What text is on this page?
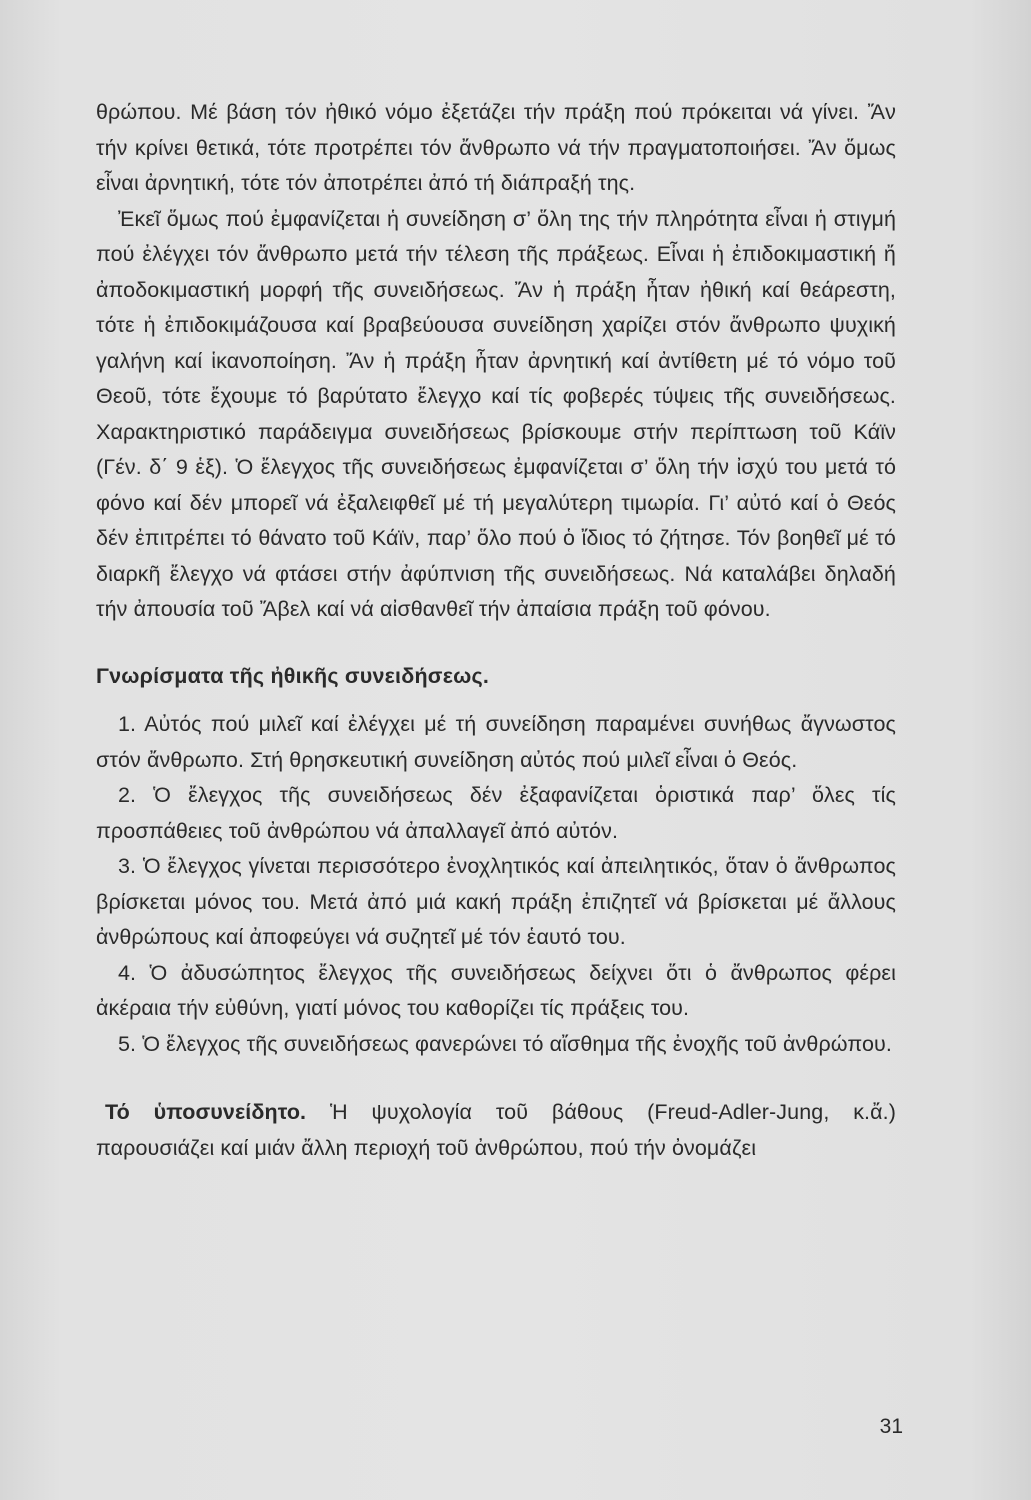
θρώπου. Μέ βάση τόν ἠθικό νόμο ἐξετάζει τήν πράξη πού πρόκειται νά γίνει. Ἄν τήν κρίνει θετικά, τότε προτρέπει τόν ἄνθρωπο νά τήν πραγματοποιήσει. Ἄν ὅμως εἶναι ἀρνητική, τότε τόν ἀποτρέπει ἀπό τή διάπραξή της.

Ἐκεῖ ὅμως πού ἐμφανίζεται ἡ συνείδηση σ’ ὅλη της τήν πληρότητα εἶναι ἡ στιγμή πού ἐλέγχει τόν ἄνθρωπο μετά τήν τέλεση τῆς πράξεως. Εἶναι ἡ ἐπιδοκιμαστική ἤ ἀποδοκιμαστική μορφή τῆς συνειδήσεως. Ἄν ἡ πράξη ἦταν ἠθική καί θεάρεστη, τότε ἡ ἐπιδοκιμάζουσα καί βραβεύουσα συνείδηση χαρίζει στόν ἄνθρωπο ψυχική γαλήνη καί ἱκανοποίηση. Ἄν ἡ πράξη ἦταν ἀρνητική καί ἀντίθετη μέ τό νόμο τοῦ Θεοῦ, τότε ἔχουμε τό βαρύτατο ἔλεγχο καί τίς φοβερές τύψεις τῆς συνειδήσεως. Χαρακτηριστικό παράδειγμα συνειδήσεως βρίσκουμε στήν περίπτωση τοῦ Κάϊν (Γέν. δ΄ 9 ἑξ). Ὁ ἔλεγχος τῆς συνειδήσεως ἐμφανίζεται σ’ ὅλη τήν ἰσχύ του μετά τό φόνο καί δέν μπορεῖ νά ἐξαλειφθεῖ μέ τή μεγαλύτερη τιμωρία. Γι’ αὐτό καί ὁ Θεός δέν ἐπιτρέπει τό θάνατο τοῦ Κάϊν, παρ’ ὅλο πού ὁ ἴδιος τό ζήτησε. Τόν βοηθεῖ μέ τό διαρκῆ ἔλεγχο νά φτάσει στήν ἀφύπνιση τῆς συνειδήσεως. Νά καταλάβει δηλαδή τήν ἀπουσία τοῦ Ἄβελ καί νά αἰσθανθεῖ τήν ἀπαίσια πράξη τοῦ φόνου.

Γνωρίσματα τῆς ἠθικῆς συνειδήσεως.

1. Αὐτός πού μιλεῖ καί ἐλέγχει μέ τή συνείδηση παραμένει συνήθως ἄγνωστος στόν ἄνθρωπο. Στή θρησκευτική συνείδηση αὐτός πού μιλεῖ εἶναι ὁ Θεός.

2. Ὁ ἔλεγχος τῆς συνειδήσεως δέν ἐξαφανίζεται ὁριστικά παρ’ ὅλες τίς προσπάθειες τοῦ ἀνθρώπου νά ἀπαλλαγεῖ ἀπό αὐτόν.

3. Ὁ ἔλεγχος γίνεται περισσότερο ἐνοχλητικός καί ἀπειλητικός, ὅταν ὁ ἄνθρωπος βρίσκεται μόνος του. Μετά ἀπό μιά κακή πράξη ἐπιζητεῖ νά βρίσκεται μέ ἄλλους ἀνθρώπους καί ἀποφεύγει νά συζητεῖ μέ τόν ἑαυτό του.

4. Ὁ ἀδυσώπητος ἔλεγχος τῆς συνειδήσεως δείχνει ὅτι ὁ ἄνθρωπος φέρει ἀκέραια τήν εὐθύνη, γιατί μόνος του καθορίζει τίς πράξεις του.

5. Ὁ ἔλεγχος τῆς συνειδήσεως φανερώνει τό αἴσθημα τῆς ἐνοχῆς τοῦ ἀνθρώπου.

Τό ὑποσυνείδητο. Ἡ ψυχολογία τοῦ βάθους (Freud-Adler-Jung, κ.ἄ.) παρουσιάζει καί μιάν ἄλλη περιοχή τοῦ ἀνθρώπου, πού τήν ὀνομάζει

31
